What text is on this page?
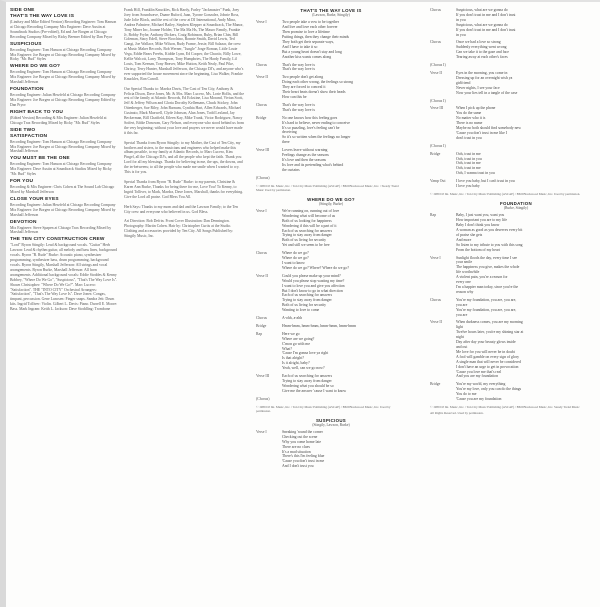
SIDE ONE
THAT'S THE WAY LOVE IS
(Lindsey and Mike Edited Version) Recording Engineer: Tom Hanson at Chicago Recording Company Mix Engineer: Dave Austin at Soundtrack Studios (Pre-edited), Ed and Joe Borgen at Chicago Recording Company Mixed by Ricky Beemer Edited by Dan Pryor
SUSPICIOUS
Recording Engineer: Tom Hanson at Chicago Recording Company Mix Engineer: Joe Borgen at Chicago Recording Company Mixed by Ricky "Mr. Bud" Styles
WHERE DO WE GO?
Recording Engineer: Tom Hanson at Chicago Recording Company Mix Engineer: Joe Borgen at Chicago Recording Company Mixed by Marshall Jefferson
FOUNDATION
Recording Engineer: Julian Herzfeld at Chicago Recording Company Mix Engineer: Joe Borgen at Chicago Recording Company Edited by Dan Pryor
RIGHT BACK TO YOU
(Edited Version) Recording & Mix Engineer: Julian Herzfeld at Chicago Trax Recording Mixed by Ricky "Mr. Bud" Styles
SIDE TWO
SATISFACTION
Recording Engineer: Tom Hanson at Chicago Recording Company Mix Engineer: Joe Borgen at Chicago Recording Company Mixed by Marshall Jefferson
YOU MUST BE THE ONE
Recording Engineer: Tom Hanson at Chicago Recording Company Mix Engineer: Dave Austin at Soundtrack Studios Mixed by Ricky "Mr. Bud" Styles
FOR YOU
Recording & Mix Engineer: Chris Cohen at The Sound Lab Chicago Mixed by Marshall Jefferson
CLOSE YOUR EYES
Recording Engineer: Julian Herzfeld at Chicago Recording Company Mix Engineer: Joe Borgen at Chicago Recording Company Mixed by Marshall Jefferson
DEVOTION
Mix Engineer: Steve Spapen at Chicago Trax Recording Mixed by Marshall Jefferson
THE TEN CITY CONSTRUCTION CREW
"Lord" Byron Stingily: Lead & background vocals. "Guitar" Herb Lawson: Lead & rhythm guitar, all melody and bass lines, background vocals. Byron "B. Rude" Burke: Acoustic piano, synthesizer programming, synthesizer bass, drum programming, background vocals. Byron Stingily, Marshall Jefferson: All strings and vocal arrangements. Byron Burke, Marshall Jefferson: All horn arrangements. Additional background vocals: Eddie Stoddes & Kenny Bobbey, "Where Do We Go", "Suspicious", "That's The Way Love Is". Shawn Christopher: "Where Do We Go?". Marc Lucero: "Satisfaction". THE "INTO CITY" Orchestral Arrangers: "Satisfaction", "That's The Way Love Is". Dave Jones: Congas, timpani, percussion. Gene Luncsen: Finger snaps. Sandra Jett: Drum kits. Ingrid Tolliver: Violin. Gilbert L. Davis: Piano. Darrell E. Moore: Bass. Mark Ingram: Keith L. Jackson: Dave Stoddling: Trombone
Frank Hill, Franklin Knuckles, Rick Hardy, Farley "Jackmaster" Funk, Joey Joey from Soundwave, Duane Buford, Juan, Tyrone Gonzalez, Johnie Ross, Jude Jolie Block, and the rest of the crew at DJ International, Andy Mina, Andrea Palmiere, Michael Bailey, Stephen Klepper at Soundtrack, The Manor, Tony Miner Inc, Joanne Holder, The Ma Ma Hs, The Mauro Family, Frankie Jr, Bobby Fryhe, Anthony Dickers, Craig Robinson, Ruby, Brian Chin, Bill Coleman, Stacy Edell, Steve Bocchino, Ronnie Smith, David Lewis, Ted Gangi, Joe Wallace, Mike Wilson, Rudy Frame, Jessie, Bill Salazar, the crew at Music Maker Records, Bob Werner, "Jungle" Jorge Roman, Little Louie Vega, Eddie Bears Freebs, Kiddie Lynn, Ed Cooper, the Chaotic, Billy Lowe, Kellie Walcott, Larry Thompson, Tony Humphries, The Hardy Family, Lil Louis, Tom Keenan, Tony Beaver, Mike Hutton, Keith Nealy, Paul Pike, Chrissy, Terry Hunter, Marshall Jefferson, the Chicago DJ's, and anyone who's ever supported the house movement since the beginning, Lisa Walker, Frankie Knuckles, Ron Carroll.
Our Special Thanks to: Mardra Davis, The Cast of Ten City, Anthony & Felicia Dixon, Dave Jones, Mr. & Mrs. Marc Lucero, Ms. Lorie Hollis, and the rest of the family at Atlantic Records, Ed Eckstine, Lisa Morand, Vivian Scott, Jeff & Jeffery Wilson and Gloria Dorothy Kellemans, Chuck Stickey, John Ottenberger, Sue Riley, John Barnum, Cynthia Hart, Allen Edwards, Michael Cusinato, Mark Maxwell, Clyde Johnson, Alan Jones, Todd Lexland, Jay Beckerman, Bill Chatfield, Eileen Kay, Mike Trunk, Victor Rodriguez, Nancy Soifert, Eddie Donovan, Gary Nelson, and everyone who stood behind us from the very beginning; without your love and prayers we never would have made it this far.
Special Thanks from Byron Stingily: to my Mother, the Cast of Ten City, my brothers and sisters, to the musicians and engineers who helped make this album possible, to my family at Atlantic Records, to Marc Lucero, Kim Pingel, all the Chicago DJ's, and all the people who kept the faith. Thank you Lord for all my blessings. Thanks for believing in me, the ups, the downs, and the in-betweens; to all the people who made me smile when I wanted to cry. This is for you.
Special Thanks from Byron "B. Rude" Burke: to my parents, Christine & Karen Ann Burke, Thanks for being there for me, Love You! To Kenny, to Ingrid Tolliver, to Mark, Mardra, Dave Jones, Marshall, thanks for everything. Give the Lord all praise. God Bless You All.
Herb Says: Thanks to my mom and dad and the Lawson Family; to the Ten City crew and everyone who believed in us. God Bless.
Art Direction: Bob Defrin. Front Cover Illustration: Dan Dennington. Photography: Martin Cohen. Hair by: Christopher Curtis at the Studio. Clothing and accessories provided by Ten City. All Songs Published by: Stingily Music, Inc.
THAT'S THE WAY LOVE IS
(Lawson, Burke, Stingily)
Verse I	Two people take a vow to be together
And live and love each other forever
Then promise to love a lifetime
Putting things, then they change their minds
They both get their separate ways,
And I have to take it so
But a young heart doesn't stay and long
Another kiss wants comes along
Chorus	That's the way love is
That's the way love is
Verse II	Two people don't get along
Doing each other wrong, the feelings so strong
They are forced to conceal it
Their heart beats doesn't show their heads
How can this be
Chorus	That's the way love is
That's the way love is
Bridge	No one knows how this feeling goes
It's hard to believe, never ending to conceive
It's so puzzling, love's feeling can't be
deceiving
So it's so written when the feelings no longer
there
Verse III	Lovers leave without warning
Feelings change as the seasons
It's love and then the seasons
Its love and its pretending what's behind
the curtains
(Chorus)
© 1989 DJ Int. Music, Inc. / Ten City Music Publishing (ASCAP) / BMI Blackwood Music, Inc. / Steady Trend Music Used by permission.
WHERE DO WE GO?
(Stingily, Burke)
Verse I	We're running on, running out of love
Wondering what will become of us
Both of us looking for happiness
Wondering if this will be a part of it
Each of us searching for answers
Trying to stay away from danger
Both of us living for security
Yet and still we seem to be free
Chorus	Where do we go?
Where do we go?
I want to know
Where do we go? Where? Where do we go?
Verse II	Could you please make up your mind?
Would you please stop wasting my time?
I want to love you and give you affection
But I don't know to go in what direction
Each of us searching for answers
Trying to stay away from danger
Both of us living for security
Wanting to love to come
Chorus	A-ohh, a-ahh
Bridge	Hmm-hmm, hmm-hmm, hmm-hmm, hmm-hmm
Rap	Here we go
Where are we going?
C'mon go with me
What?
'Cause I'm gonna love ya right
Is that alright?
Is it alright, baby?
Yeah, well, can we go now?
Verse III	Each of us searching for answers
Trying to stay away from danger
Wondering what you should be so
Give me the answer 'cause I want to know
(Chorus)
© 1989 DJ Int. Music, Inc. / Ten City Music Publishing (ASCAP) / BMI Blackwood Music, Inc. Used by permission.
SUSPICIOUS
(Stingily, Lawson, Burke)
Verse I	Sneaking 'round the corner
Checking out the scene
Why you come home late
There are no clues
It's a mad situation
There's this I'm feeling blue
'Cause you don't trust in me
And I don't trust you
Chorus	Suspicious, what are we gonna do
If you don't trust in me and I don't trust
in you
Suspicious, what are we gonna do
If you don't trust in me and I don't trust
in you
Chorus	Once we had a love so strong
Suddenly everything went wrong
Can we take it to the gaze and face
Tearing away at each other's faces
(Chorus I)
Verse II	Eyes in the morning, you come in
Dressing up for an overnight wish ya
girlfriend
Never nights, I see your face
Now your lies tell in a tangle of the case
(Chorus I)
Verse III	When I pick up the phone
You do the same
No matter who it is
There is no name
Maybe no both should find somebody new
'Cause you don't trust in me like I
don't trust in you
(Chorus I)
Bridge	Ooh, trust in me
Ooh, trust in you
Ooh, trust in me
Ooh, trust in me
Ooh, I wanna trust in you
Vamp Out	I love you baby, but I can't trust in you
I love you baby
© 1989 DJ Int. Music, Inc. / Ten City Music Publishing (ASCAP) / BMI Blackwood Music, Inc. Used by permission.
FOUNDATION
(Burke, Stingily)
Rap	Baby, I just want you, want you
How important you are to my life
Baby I don't think you know
A woman as good as you deserves every bit
of praise she gets
And more
So listen to my tribute to you with this song
From the bottom of my heart
Verse I	Sunlight floods the day, every time I see
your smile
The happiness you give, makes the whole
life worthwhile
A violent pain, you're a reason for
every one
I'm a happier man today, since you're the
reason why
Chorus	You're my foundation, you are, you are,
you are
You're my foundation, you are, you are,
you are
Verse II	When darkness comes, you are my morning
light
Twelve hours later, you're my shining star at
night
Day after day your beauty glows inside
and out
Me love for you will never be in doubt
A fool will gamble on every sign of glory
A single man that will never be considered
I don't have an urge to get in provocation
'Cause you love me that's real
And you are my foundation
Bridge	You're my world, my everything
You're my love, only you can do the things
You do to me
'Cause you are my foundation
© 1989 DJ Int. Music, Inc. / Ten City Music Publishing (ASCAP) / BMI Blackwood Music, Inc. Steady Trend Music
All Rights Reserved. Used by permission.
